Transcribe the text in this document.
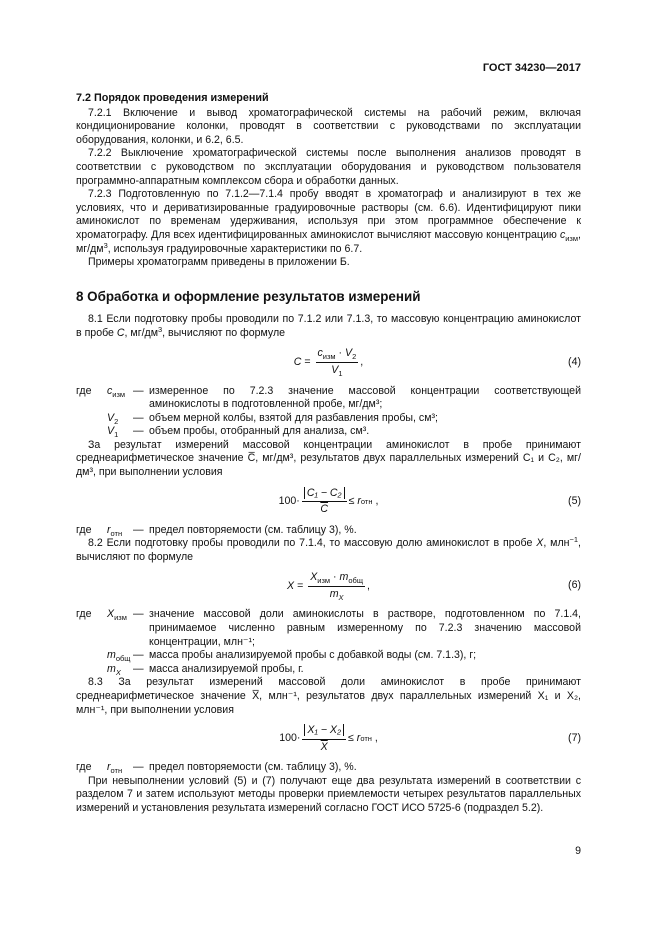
ГОСТ 34230—2017
7.2 Порядок проведения измерений

7.2.1 Включение и вывод хроматографической системы на рабочий режим, включая кондиционирование колонки, проводят в соответствии с руководствами по эксплуатации оборудования, колонки, и 6.2, 6.5.

7.2.2 Выключение хроматографической системы после выполнения анализов проводят в соответствии с руководством по эксплуатации оборудования и руководством пользователя программно-аппаратным комплексом сбора и обработки данных.

7.2.3 Подготовленную по 7.1.2—7.1.4 пробу вводят в хроматограф и анализируют в тех же условиях, что и дериватизированные градуировочные растворы (см. 6.6). Идентифицируют пики аминокислот по временам удерживания, используя при этом программное обеспечение к хроматографу. Для всех идентифицированных аминокислот вычисляют массовую концентрацию $c_{изм}$, $мг/дм^3$, используя градуировочные характеристики по 6.7.

Примеры хроматограмм приведены в приложении Б.

8 Обработка и оформление результатов измерений

8.1 Если подготовку пробы проводили по 7.1.2 или 7.1.3, то массовую концентрацию аминокислот в пробе C, $мг/дм^3$, вычисляют по формуле

C
=
$\frac{c_{изм} \cdot V_2}{V_1}$ ,	(4)
где	$c_{изм}$	—	измеренное по 7.2.3 значение массовой концентрации соответствующей аминокислоты в подготовленной пробе, мг/дм³;
	$V_2$	—	объем мерной колбы, взятой для разбавления пробы, см³;
	$V_1$	—	объем пробы, отобранный для анализа, см³.

За результат измерений массовой концентрации аминокислот в пробе принимают среднеарифметическое значение C̅, мг/дм³, результатов двух параллельных измерений C₁ и C₂, мг/дм³, при выполнении условия

$100 \cdot \frac{\text{C₁ − C₂}}{C}$ ≤
r отн
,	(5)
где	$r_{отн}$	—	предел повторяемости (см. таблицу 3), %.

8.2 Если подготовку пробы проводили по 7.1.4, то массовую долю аминокислот в пробе X, млн$^{-1}$, вычисляют по формуле

X
=
$\frac{X_{изм} \cdot m_{общ}}{m_X}$ ,	(6)
где	$X_{изм}$	—	значение массовой доли аминокислоты в растворе, подготовленном по 7.1.4, принимаемое численно равным измеренному по 7.2.3 значению массовой концентрации, млн⁻¹;
	$m_{общ}$	—	масса пробы анализируемой пробы с добавкой воды (см. 7.1.3), г;
	$m_X$	—	масса анализируемой пробы, г.

8.3 За результат измерений массовой доли аминокислот в пробе принимают среднеарифметическое значение X̅, млн⁻¹, результатов двух параллельных измерений X₁ и X₂, млн⁻¹, при выполнении условия

$100 \cdot \frac{\text{X₁ − X₂}}{X}$ ≤
r отн
,	(7)
где	$r_{отн}$	—	предел повторяемости (см. таблицу 3), %.

При невыполнении условий (5) и (7) получают еще два результата измерений в соответствии с разделом 7 и затем используют методы проверки приемлемости четырех результатов параллельных измерений и установления результата измерений согласно ГОСТ ИСО 5725-6 (подраздел 5.2).

9
